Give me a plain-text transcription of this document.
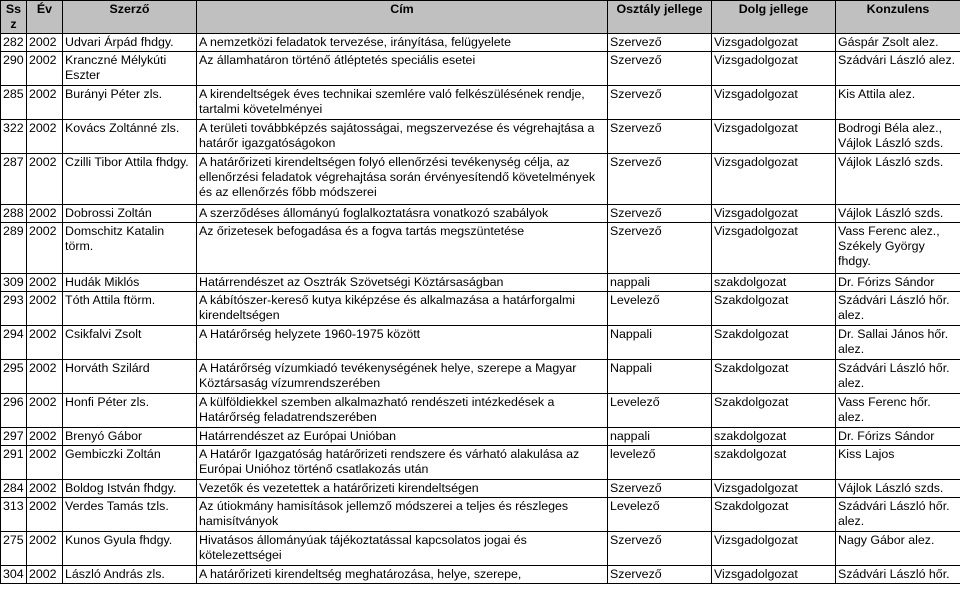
Ssz	Év	Szerző	Cím	Osztály jellege	Dolg jellege	Konzulens
282	2002	Udvari Árpád fhdgy.	A nemzetközi feladatok tervezése, irányítása, felügyelete	Szervező	Vizsgadolgozat	Gáspár Zsolt alez.
290	2002	Kranczné Mélykúti Eszter	Az államhatáron történő átléptetés speciális esetei	Szervező	Vizsgadolgozat	Szádvári László alez.
285	2002	Burányi Péter zls.	A kirendeltségek éves technikai szemlére való felkészülésének rendje, tartalmi követelményei	Szervező	Vizsgadolgozat	Kis Attila alez.
322	2002	Kovács Zoltánné zls.	A területi továbbképzés sajátosságai, megszervezése és végrehajtása a határőr igazgatóságokon	Szervező	Vizsgadolgozat	Bodrogi Béla alez., Vájlok László szds.
287	2002	Czilli Tibor Attila fhdgy.	A határőrizeti kirendeltségen folyó ellenőrzési tevékenység célja, az ellenőrzési feladatok végrehajtása során érvényesítendő követelmények és az ellenőrzés főbb módszerei	Szervező	Vizsgadolgozat	Vájlok László szds.
288	2002	Dobrossi Zoltán	A szerződéses állományú foglalkoztatásra vonatkozó szabályok	Szervező	Vizsgadolgozat	Vájlok László szds.
289	2002	Domschitz Katalin törm.	Az őrizetesek befogadása és a fogva tartás megszüntetése	Szervező	Vizsgadolgozat	Vass Ferenc alez., Székely György fhdgy.
309	2002	Hudák Miklós	Határrendészet az Osztrák Szövetségi Köztársaságban	nappali	szakdolgozat	Dr. Fórizs Sándor
293	2002	Tóth Attila ftörm.	A kábítószer-kereső kutya kiképzése és alkalmazása a határforgalmi kirendeltségen	Levelező	Szakdolgozat	Szádvári László hőr. alez.
294	2002	Csikfalvi Zsolt	A Határőrség helyzete 1960-1975 között	Nappali	Szakdolgozat	Dr. Sallai János hőr. alez.
295	2002	Horváth Szilárd	A Határőrség vízumkiadó tevékenységének helye, szerepe a Magyar Köztársaság vízumrendszerében	Nappali	Szakdolgozat	Szádvári László hőr. alez.
296	2002	Honfi Péter zls.	A külföldiekkel szemben alkalmazható rendészeti intézkedések a Határőrség feladatrendszerében	Levelező	Szakdolgozat	Vass Ferenc hőr. alez.
297	2002	Brenyó Gábor	Határrendészet az Európai Unióban	nappali	szakdolgozat	Dr. Fórizs Sándor
291	2002	Gembiczki Zoltán	A Határőr Igazgatóság határőrizeti rendszere és várható alakulása az Európai Unióhoz történő csatlakozás után	levelező	szakdolgozat	Kiss Lajos
284	2002	Boldog István fhdgy.	Vezetők és vezetettek a határőrizeti kirendeltségen	Szervező	Vizsgadolgozat	Vájlok László szds.
313	2002	Verdes Tamás tzls.	Az útiokmány hamisítások jellemző módszerei a teljes és részleges hamisítványok	Levelező	Szakdolgozat	Szádvári László hőr. alez.
275	2002	Kunos Gyula fhdgy.	Hivatásos állományúak tájékoztatással kapcsolatos jogai és kötelezettségei	Szervező	Vizsgadolgozat	Nagy Gábor alez.
304	2002	László András zls.	A határőrizeti kirendeltség meghatározása, helye, szerepe,	Szervező	Vizsgadolgozat	Szádvári László hőr.
